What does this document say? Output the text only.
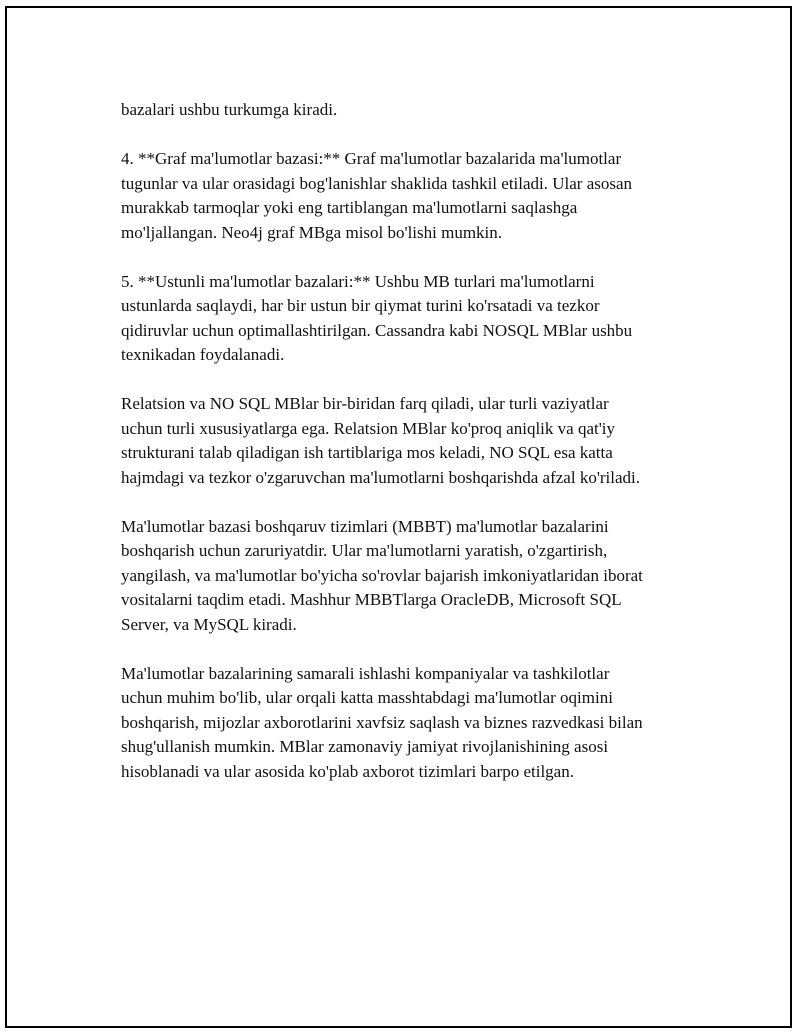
bazalari ushbu turkumga kiradi.

4. **Graf ma'lumotlar bazasi:** Graf ma'lumotlar bazalarida ma'lumotlar
tugunlar va ular orasidagi bog'lanishlar shaklida tashkil etiladi. Ular asosan
murakkab tarmoqlar yoki eng tartiblangan ma'lumotlarni saqlashga
mo'ljallangan. Neo4j graf MBga misol bo'lishi mumkin.

5. **Ustunli ma'lumotlar bazalari:** Ushbu MB turlari ma'lumotlarni
ustunlarda saqlaydi, har bir ustun bir qiymat turini ko'rsatadi va tezkor
qidiruvlar uchun optimallashtirilgan. Cassandra kabi NOSQL MBlar ushbu
texnikadan foydalanadi.

Relatsion va NO SQL MBlar bir-biridan farq qiladi, ular turli vaziyatlar
uchun turli xususiyatlarga ega. Relatsion MBlar ko'proq aniqlik va qat'iy
strukturani talab qiladigan ish tartiblariga mos keladi, NO SQL esa katta
hajmdagi va tezkor o'zgaruvchan ma'lumotlarni boshqarishda afzal ko'riladi.

Ma'lumotlar bazasi boshqaruv tizimlari (MBBT) ma'lumotlar bazalarini
boshqarish uchun zaruriyatdir. Ular ma'lumotlarni yaratish, o'zgartirish,
yangilash, va ma'lumotlar bo'yicha so'rovlar bajarish imkoniyatlaridan iborat
vositalarni taqdim etadi. Mashhur MBBTlarga OracleDB, Microsoft SQL
Server, va MySQL kiradi.

Ma'lumotlar bazalarining samarali ishlashi kompaniyalar va tashkilotlar
uchun muhim bo'lib, ular orqali katta masshtabdagi ma'lumotlar oqimini
boshqarish, mijozlar axborotlarini xavfsiz saqlash va biznes razvedkasi bilan
shug'ullanish mumkin. MBlar zamonaviy jamiyat rivojlanishining asosi
hisoblanadi va ular asosida ko'plab axborot tizimlari barpo etilgan.
